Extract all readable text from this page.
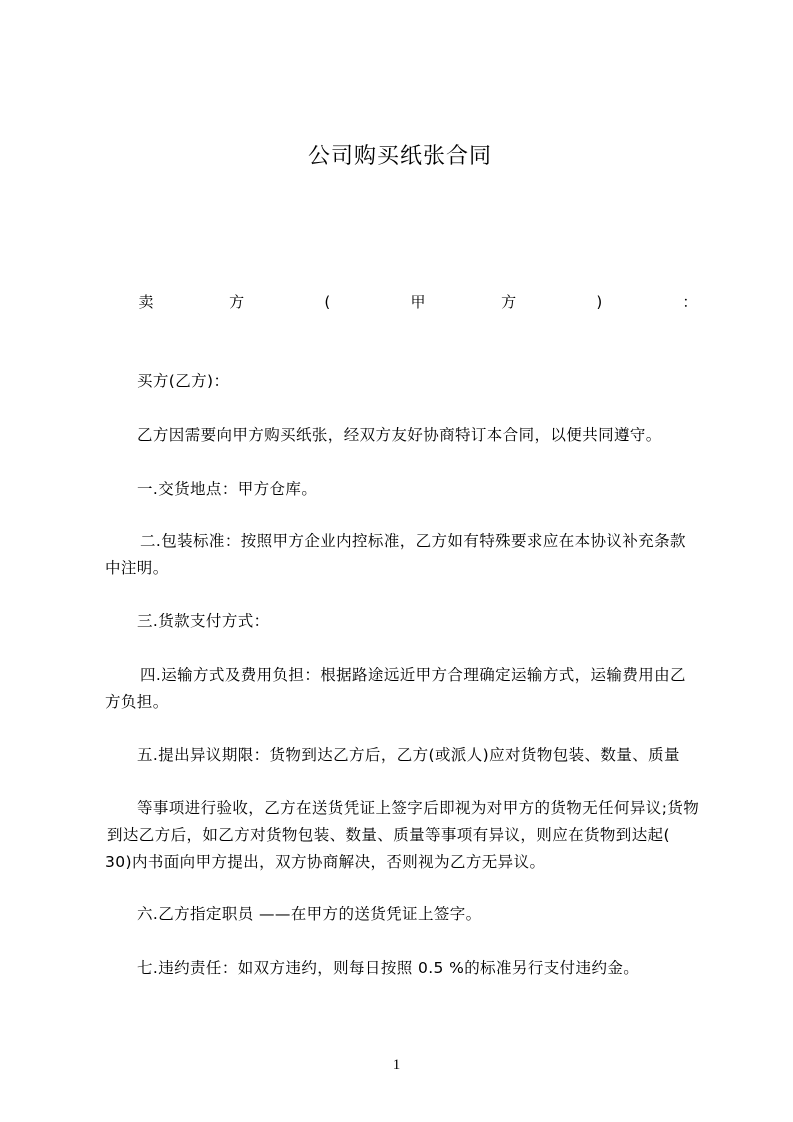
公司购买纸张合同
卖	方	(	甲	方	)	：
买方(乙方)：
乙方因需要向甲方购买纸张，经双方友好协商特订本合同，以便共同遵守。
一.交货地点：甲方仓库。
二.包装标准：按照甲方企业内控标准，乙方如有特殊要求应在本协议补充条款
中注明。
三.货款支付方式：
四.运输方式及费用负担：根据路途远近甲方合理确定运输方式，运输费用由乙
方负担。
五.提出异议期限：货物到达乙方后，乙方(或派人)应对货物包装、数量、质量
等事项进行验收，乙方在送货凭证上签字后即视为对甲方的货物无任何异议;货物
到达乙方后，如乙方对货物包装、数量、质量等事项有异议，则应在货物到达起(
30)内书面向甲方提出，双方协商解决，否则视为乙方无异议。
六.乙方指定职员 ——在甲方的送货凭证上签字。
七.违约责任：如双方违约，则每日按照 0.5 %的标准另行支付违约金。
1
